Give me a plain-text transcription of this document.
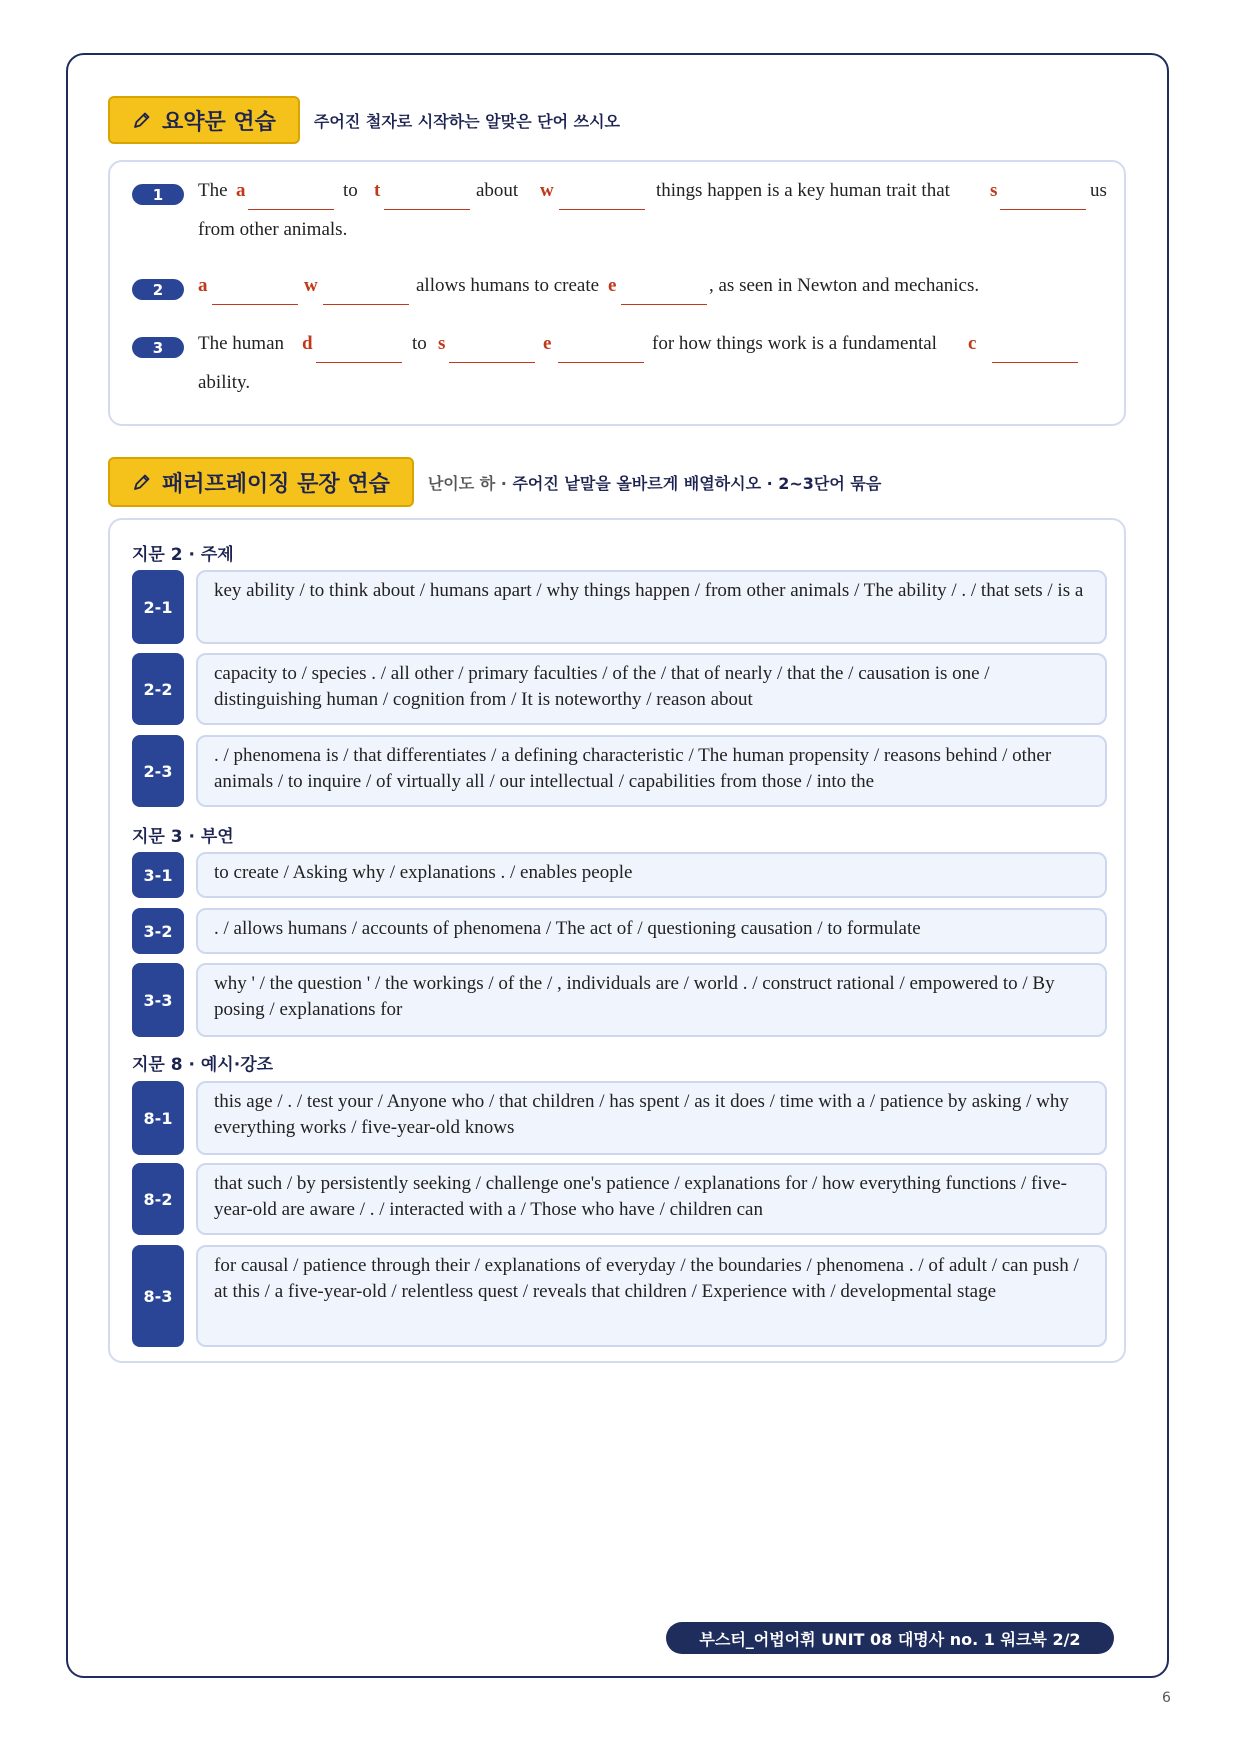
요약문 연습 주어진 철자로 시작하는 알맞은 단어 쓰시오
1	The a	to t	about w	things happen is a key human trait that s	us
from other animals.
2	a	w	allows humans to create e	, as seen in Newton and mechanics.
3	The human d	to s	e	for how things work is a fundamental c
ability.
패러프레이징 문장 연습 난이도 하 · 주어진 낱말을 올바르게 배열하시오 · 2~3단어 묶음
지문 2 · 주제
2-1
key ability / to think about / humans apart / why things happen / from other animals / The ability / . / that sets / is a
2-2
capacity to / species . / all other / primary faculties / of the / that of nearly / that the / causation is one / distinguishing human / cognition from / It is noteworthy / reason about
2-3
. / phenomena is / that differentiates / a defining characteristic / The human propensity / reasons behind / other animals / to inquire / of virtually all / our intellectual / capabilities from those / into the
지문 3 · 부연
3-1	to create / Asking why / explanations . / enables people
3-2	. / allows humans / accounts of phenomena / The act of / questioning causation / to formulate
3-3
why ' / the question ' / the workings / of the / , individuals are / world . / construct rational / empowered to / By posing / explanations for
지문 8 · 예시·강조
8-1
this age / . / test your / Anyone who / that children / has spent / as it does / time with a / patience by asking / why everything works / five-year-old knows
8-2
that such / by persistently seeking / challenge one's patience / explanations for / how everything functions / five-year-old are aware / . / interacted with a / Those who have / children can
8-3
for causal / patience through their / explanations of everyday / the boundaries / phenomena . / of adult / can push / at this / a five-year-old / relentless quest / reveals that children / Experience with / developmental stage
부스터_어법어휘 UNIT 08 대명사 no. 1 워크북 2/2
6
